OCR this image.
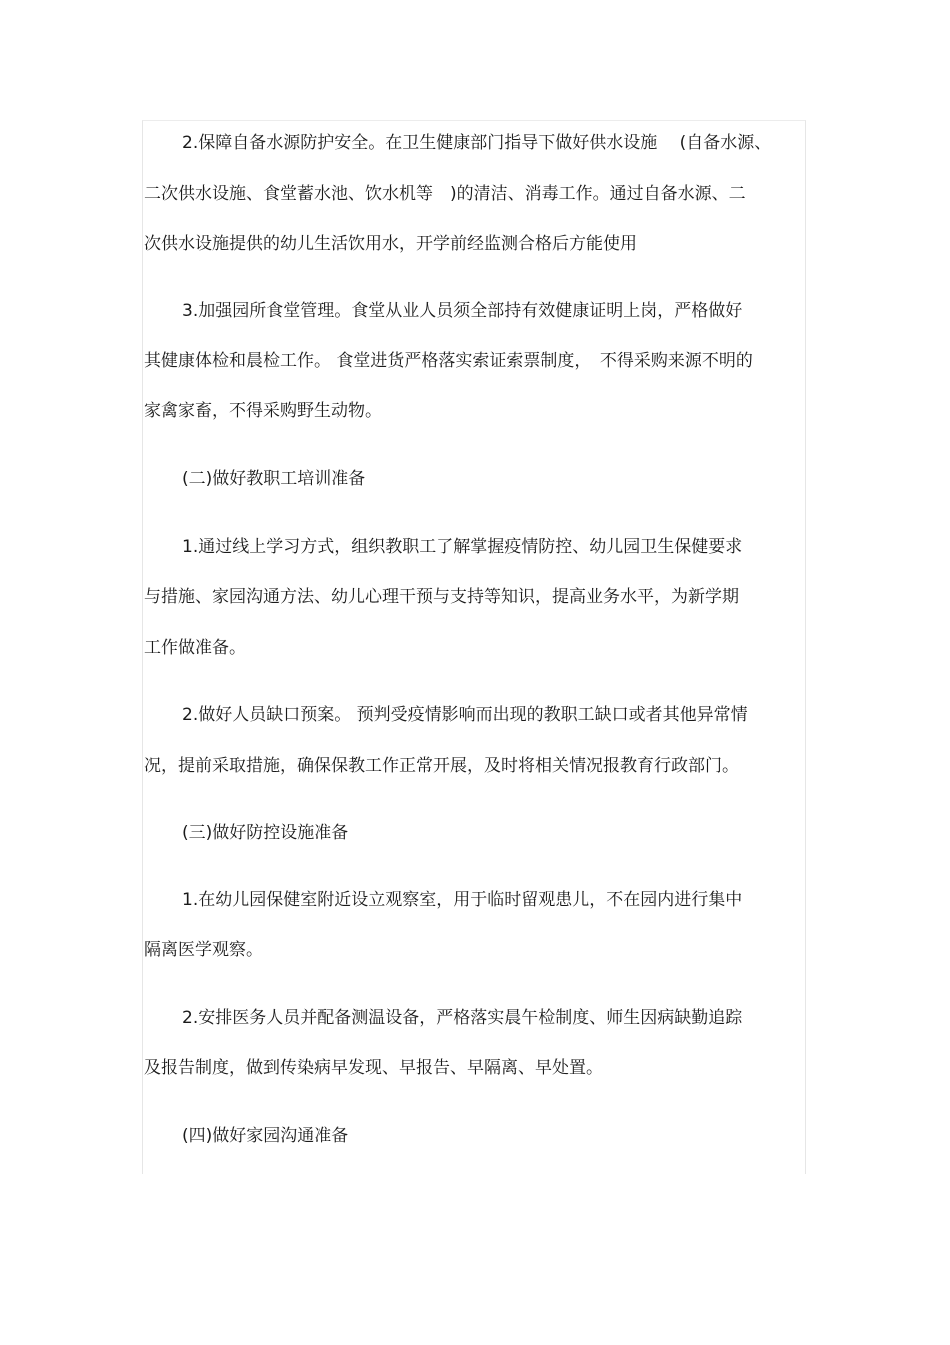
2.保障自备水源防护安全。在卫生健康部门指导下做好供水设施　 (自备水源、

二次供水设施、食堂蓄水池、饮水机等　)的清洁、消毒工作。通过自备水源、二

次供水设施提供的幼儿生活饮用水，开学前经监测合格后方能使用

3.加强园所食堂管理。食堂从业人员须全部持有效健康证明上岗，严格做好

其健康体检和晨检工作。 食堂进货严格落实索证索票制度，　不得采购来源不明的

家禽家畜，不得采购野生动物。

(二)做好教职工培训准备

1.通过线上学习方式，组织教职工了解掌握疫情防控、幼儿园卫生保健要求

与措施、家园沟通方法、幼儿心理干预与支持等知识，提高业务水平，为新学期

工作做准备。

2.做好人员缺口预案。 预判受疫情影响而出现的教职工缺口或者其他异常情

况，提前采取措施，确保保教工作正常开展，及时将相关情况报教育行政部门。

(三)做好防控设施准备

1.在幼儿园保健室附近设立观察室，用于临时留观患儿，不在园内进行集中

隔离医学观察。

2.安排医务人员并配备测温设备，严格落实晨午检制度、师生因病缺勤追踪

及报告制度，做到传染病早发现、早报告、早隔离、早处置。

(四)做好家园沟通准备
